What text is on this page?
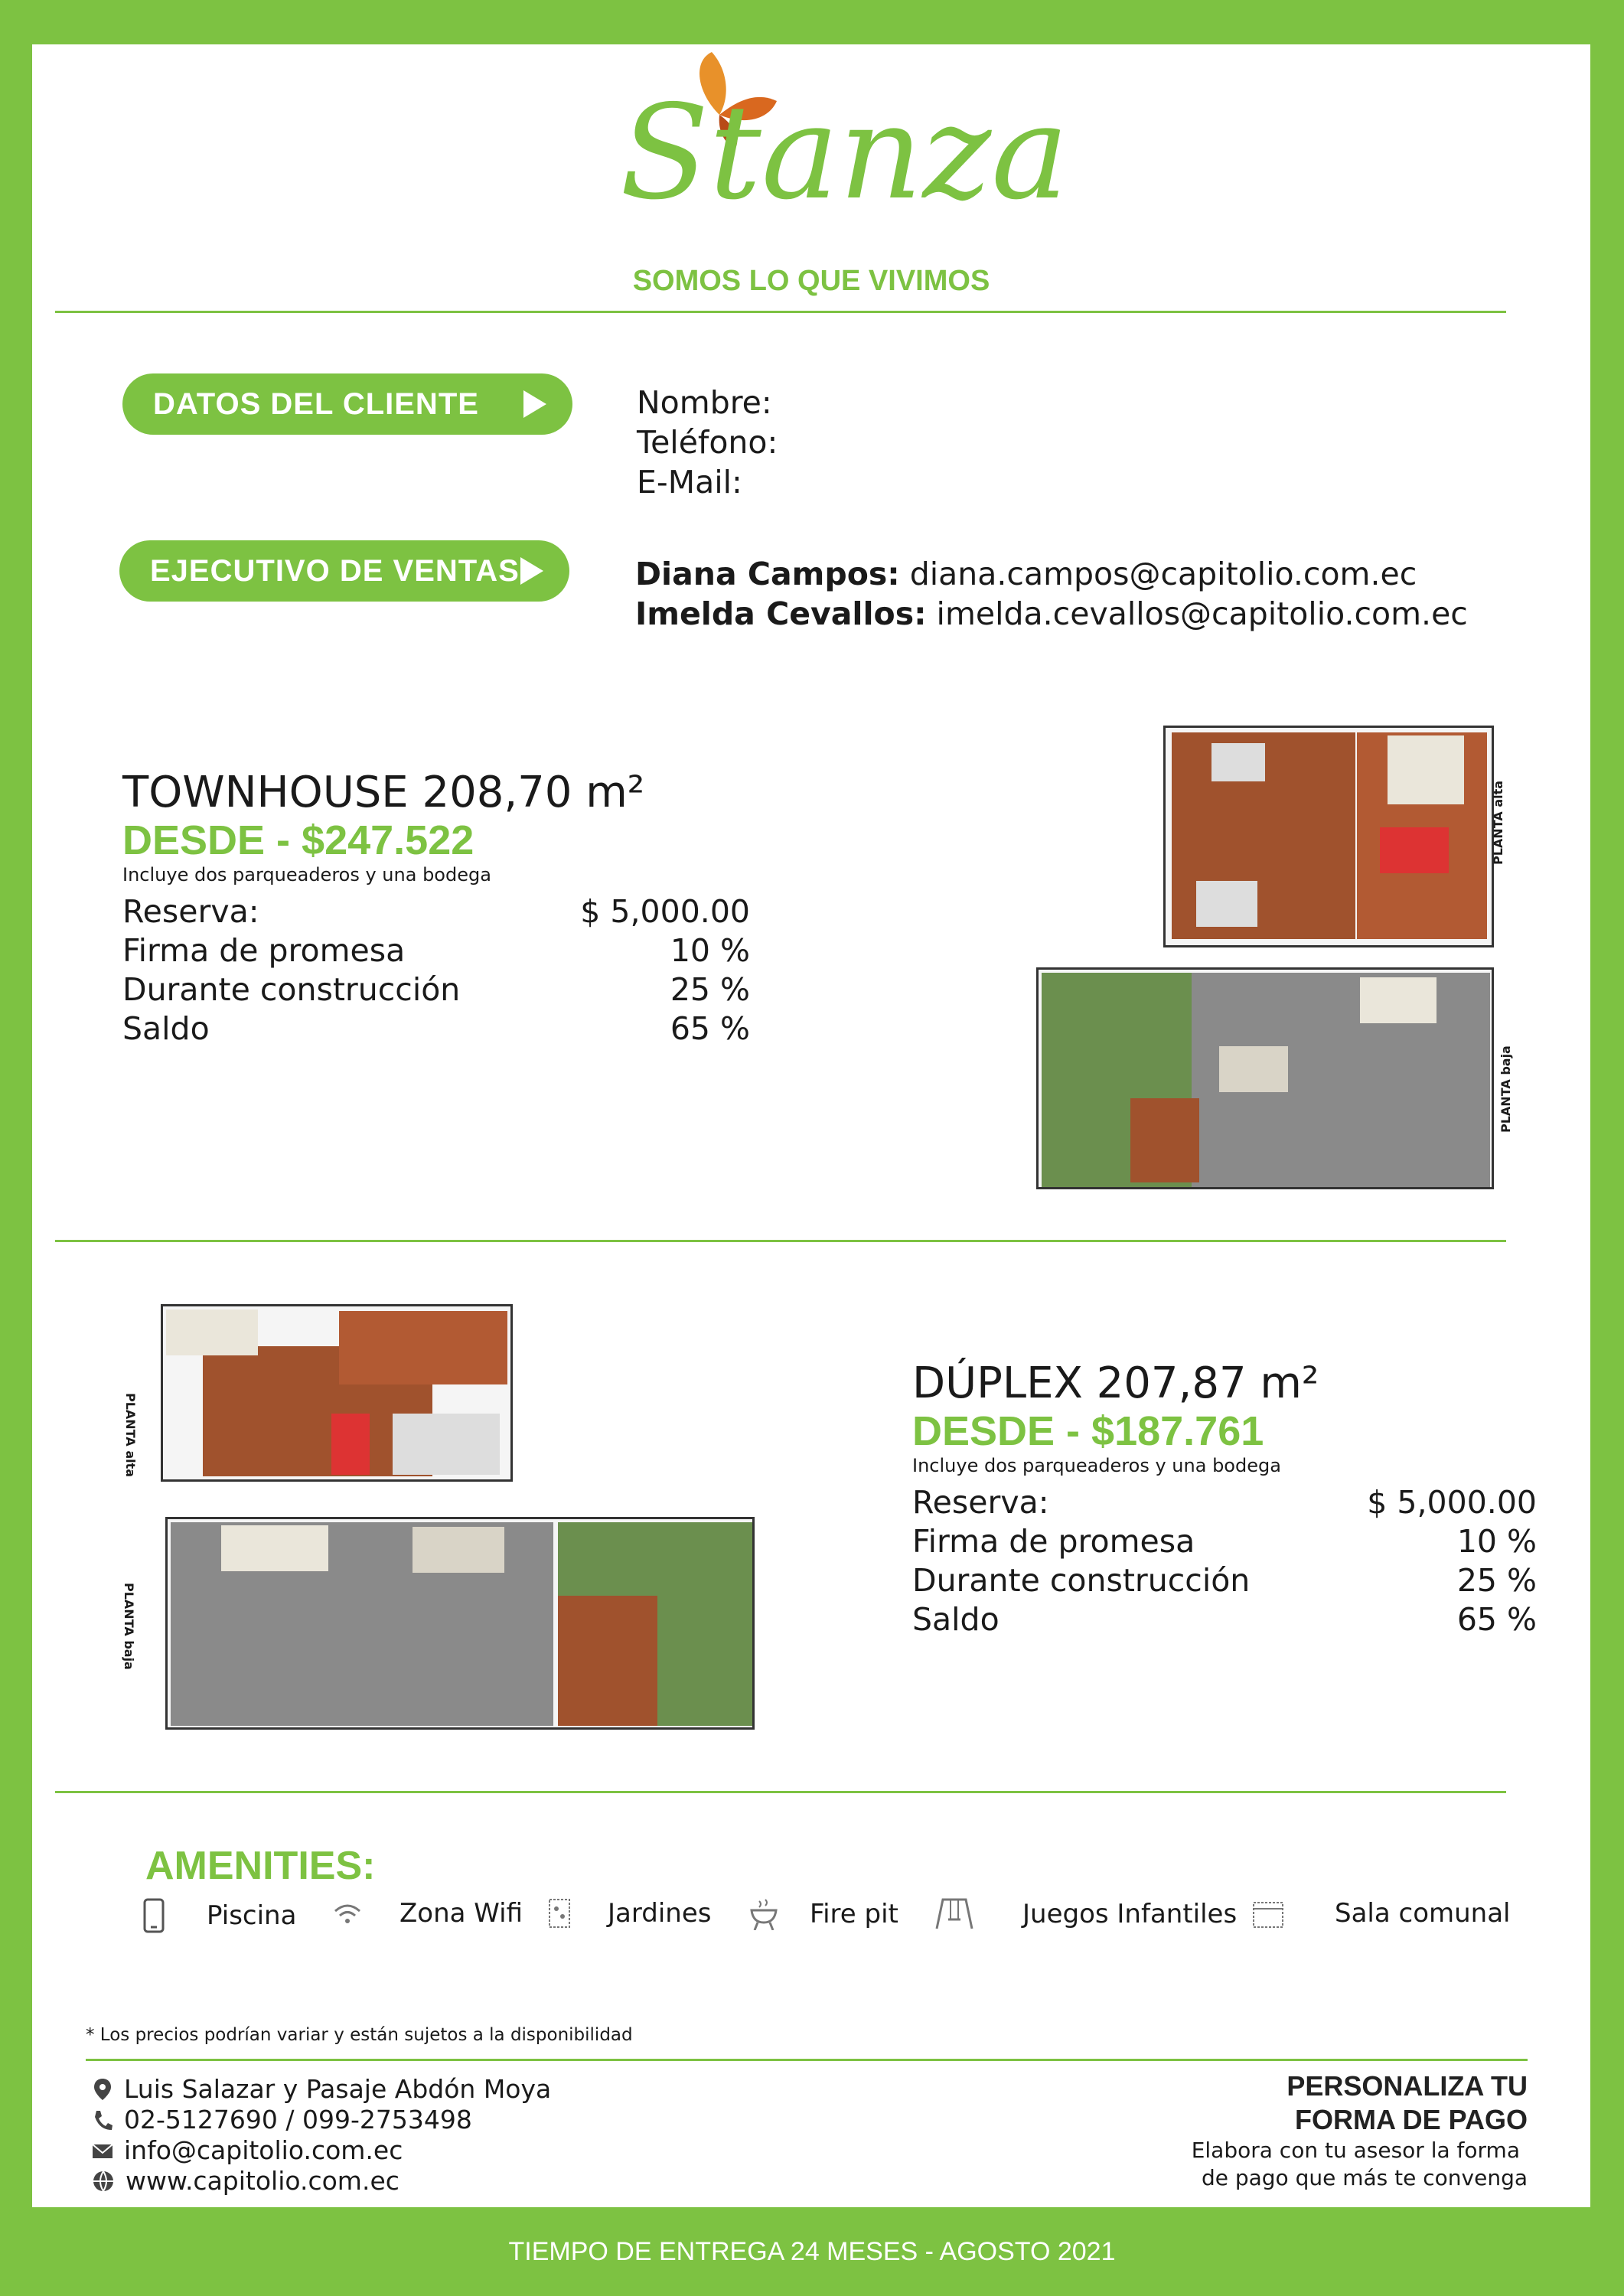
Stanza
SOMOS LO QUE VIVIMOS
DATOS DEL CLIENTE	Nombre:
Teléfono:
E-Mail:
EJECUTIVO DE VENTAS	Diana Campos: diana.campos@capitolio.com.ec
Imelda Cevallos: imelda.cevallos@capitolio.com.ec
TOWNHOUSE 208,70 m²
DESDE - $247.522
Incluye dos parqueaderos y una bodega
Reserva:	$ 5,000.00
Firma de promesa	10 %
Durante construcción	25 %
Saldo	65 %
PLANTA alta
PLANTA baja
PLANTA alta
PLANTA baja
DÚPLEX 207,87 m²
DESDE - $187.761
Incluye dos parqueaderos y una bodega
Reserva:	$ 5,000.00
Firma de promesa	10 %
Durante construcción	25 %
Saldo	65 %
AMENITIES:
Piscina	Zona Wifi	Jardines	Fire pit	Juegos Infantiles	Sala comunal
* Los precios podrían variar y están sujetos a la disponibilidad
Luis Salazar y Pasaje Abdón Moya
02-5127690 / 099-2753498
info@capitolio.com.ec
www.capitolio.com.ec
PERSONALIZA TU
FORMA DE PAGO
Elabora con tu asesor la forma
de pago que más te convenga
TIEMPO DE ENTREGA 24 MESES - AGOSTO 2021
